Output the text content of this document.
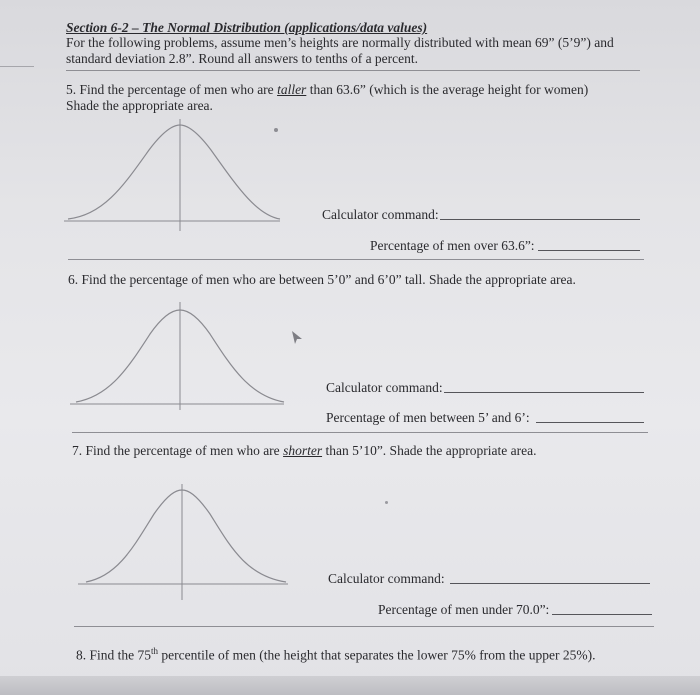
Section 6-2 – The Normal Distribution (applications/data values)
For the following problems, assume men’s heights are normally distributed with mean 69” (5’9”) and
standard deviation 2.8”. Round all answers to tenths of a percent.
5. Find the percentage of men who are taller than 63.6” (which is the average height for women)
Shade the appropriate area.
Calculator command:
Percentage of men over 63.6”:
6. Find the percentage of men who are between 5’0” and 6’0” tall. Shade the appropriate area.
Calculator command:
Percentage of men between 5’ and 6’:
7. Find the percentage of men who are shorter than 5’10”. Shade the appropriate area.
Calculator command:
Percentage of men under 70.0”:
8. Find the 75th percentile of men (the height that separates the lower 75% from the upper 25%).
